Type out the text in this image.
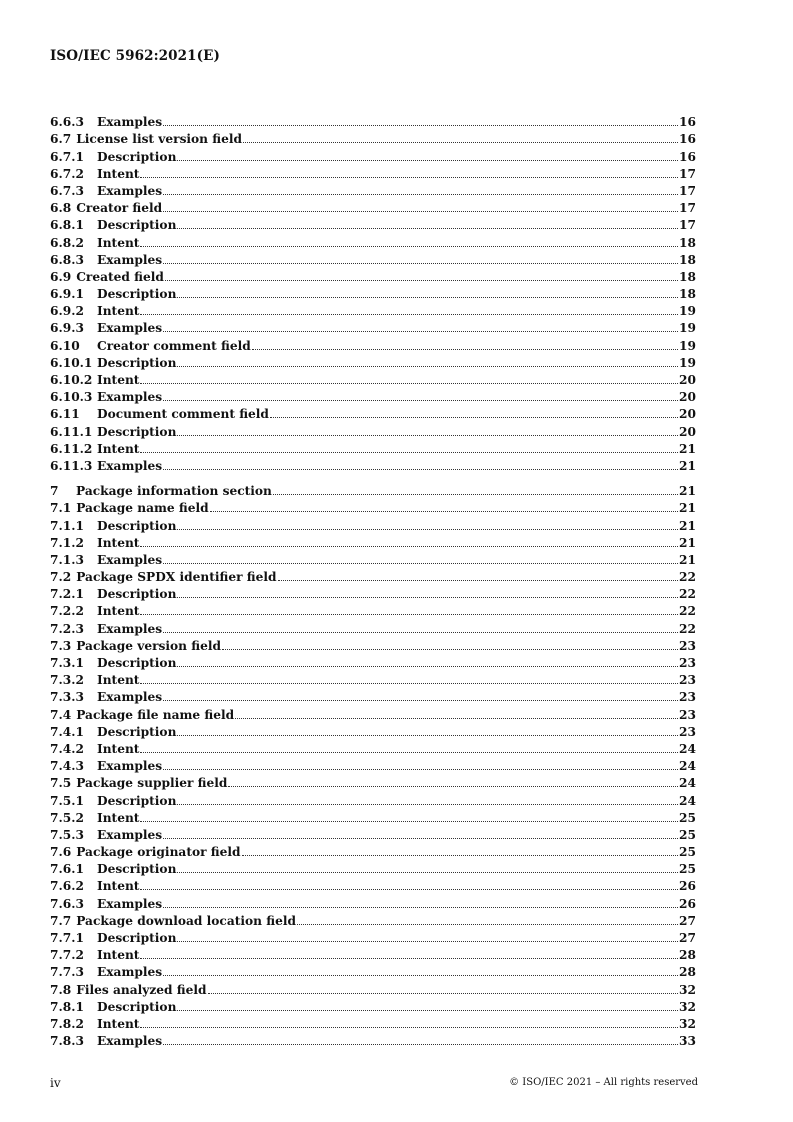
ISO/IEC 5962:2021(E)
6.6.3	Examples	16
6.7 License list version field	16
6.7.1	Description	16
6.7.2	Intent	17
6.7.3	Examples	17
6.8 Creator field	17
6.8.1	Description	17
6.8.2	Intent	18
6.8.3	Examples	18
6.9 Created field	18
6.9.1	Description	18
6.9.2	Intent	19
6.9.3	Examples	19
6.10	Creator comment field	19
6.10.1 Description	19
6.10.2 Intent	20
6.10.3 Examples	20
6.11	Document comment field	20
6.11.1 Description	20
6.11.2 Intent	21
6.11.3 Examples	21
7	Package information section	21
7.1 Package name field	21
7.1.1	Description	21
7.1.2	Intent	21
7.1.3	Examples	21
7.2 Package SPDX identifier field	22
7.2.1	Description	22
7.2.2	Intent	22
7.2.3	Examples	22
7.3 Package version field	23
7.3.1	Description	23
7.3.2	Intent	23
7.3.3	Examples	23
7.4 Package file name field	23
7.4.1	Description	23
7.4.2	Intent	24
7.4.3	Examples	24
7.5 Package supplier field	24
7.5.1	Description	24
7.5.2	Intent	25
7.5.3	Examples	25
7.6 Package originator field	25
7.6.1	Description	25
7.6.2	Intent	26
7.6.3	Examples	26
7.7 Package download location field	27
7.7.1	Description	27
7.7.2	Intent	28
7.7.3	Examples	28
7.8 Files analyzed field	32
7.8.1	Description	32
7.8.2	Intent	32
7.8.3	Examples	33
iv	© ISO/IEC 2021 – All rights reserved
